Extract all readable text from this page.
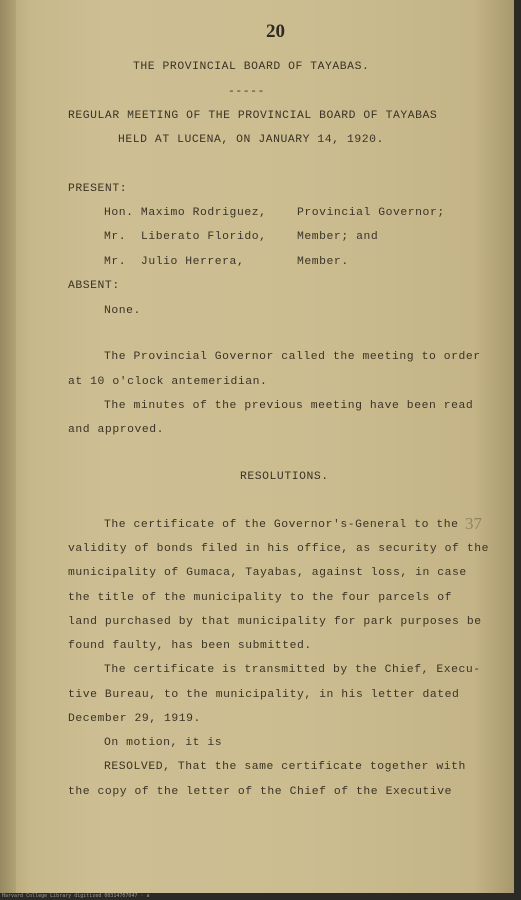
20
THE PROVINCIAL BOARD OF TAYABAS.
-----
REGULAR MEETING OF THE PROVINCIAL BOARD OF TAYABAS
HELD AT LUCENA, ON JANUARY 14, 1920.
PRESENT:
Hon. Maximo Rodriguez,	Provincial Governor;
Mr.  Liberato Florido,	Member; and
Mr.  Julio Herrera,	Member.
ABSENT:
None.
The Provincial Governor called the meeting to order
at 10 o'clock antemeridian.
The minutes of the previous meeting have been read
and approved.
RESOLUTIONS.
37
The certificate of the Governor's-General to the
validity of bonds filed in his office, as security of the
municipality of Gumaca, Tayabas, against loss, in case
the title of the municipality to the four parcels of
land purchased by that municipality for park purposes be
found faulty, has been submitted.
The certificate is transmitted by the Chief, Execu-
tive Bureau, to the municipality, in his letter dated
December 29, 1919.
On motion, it is
RESOLVED, That the same certificate together with
the copy of the letter of the Chief of the Executive
Harvard College Library digitized 00314707047 · a
